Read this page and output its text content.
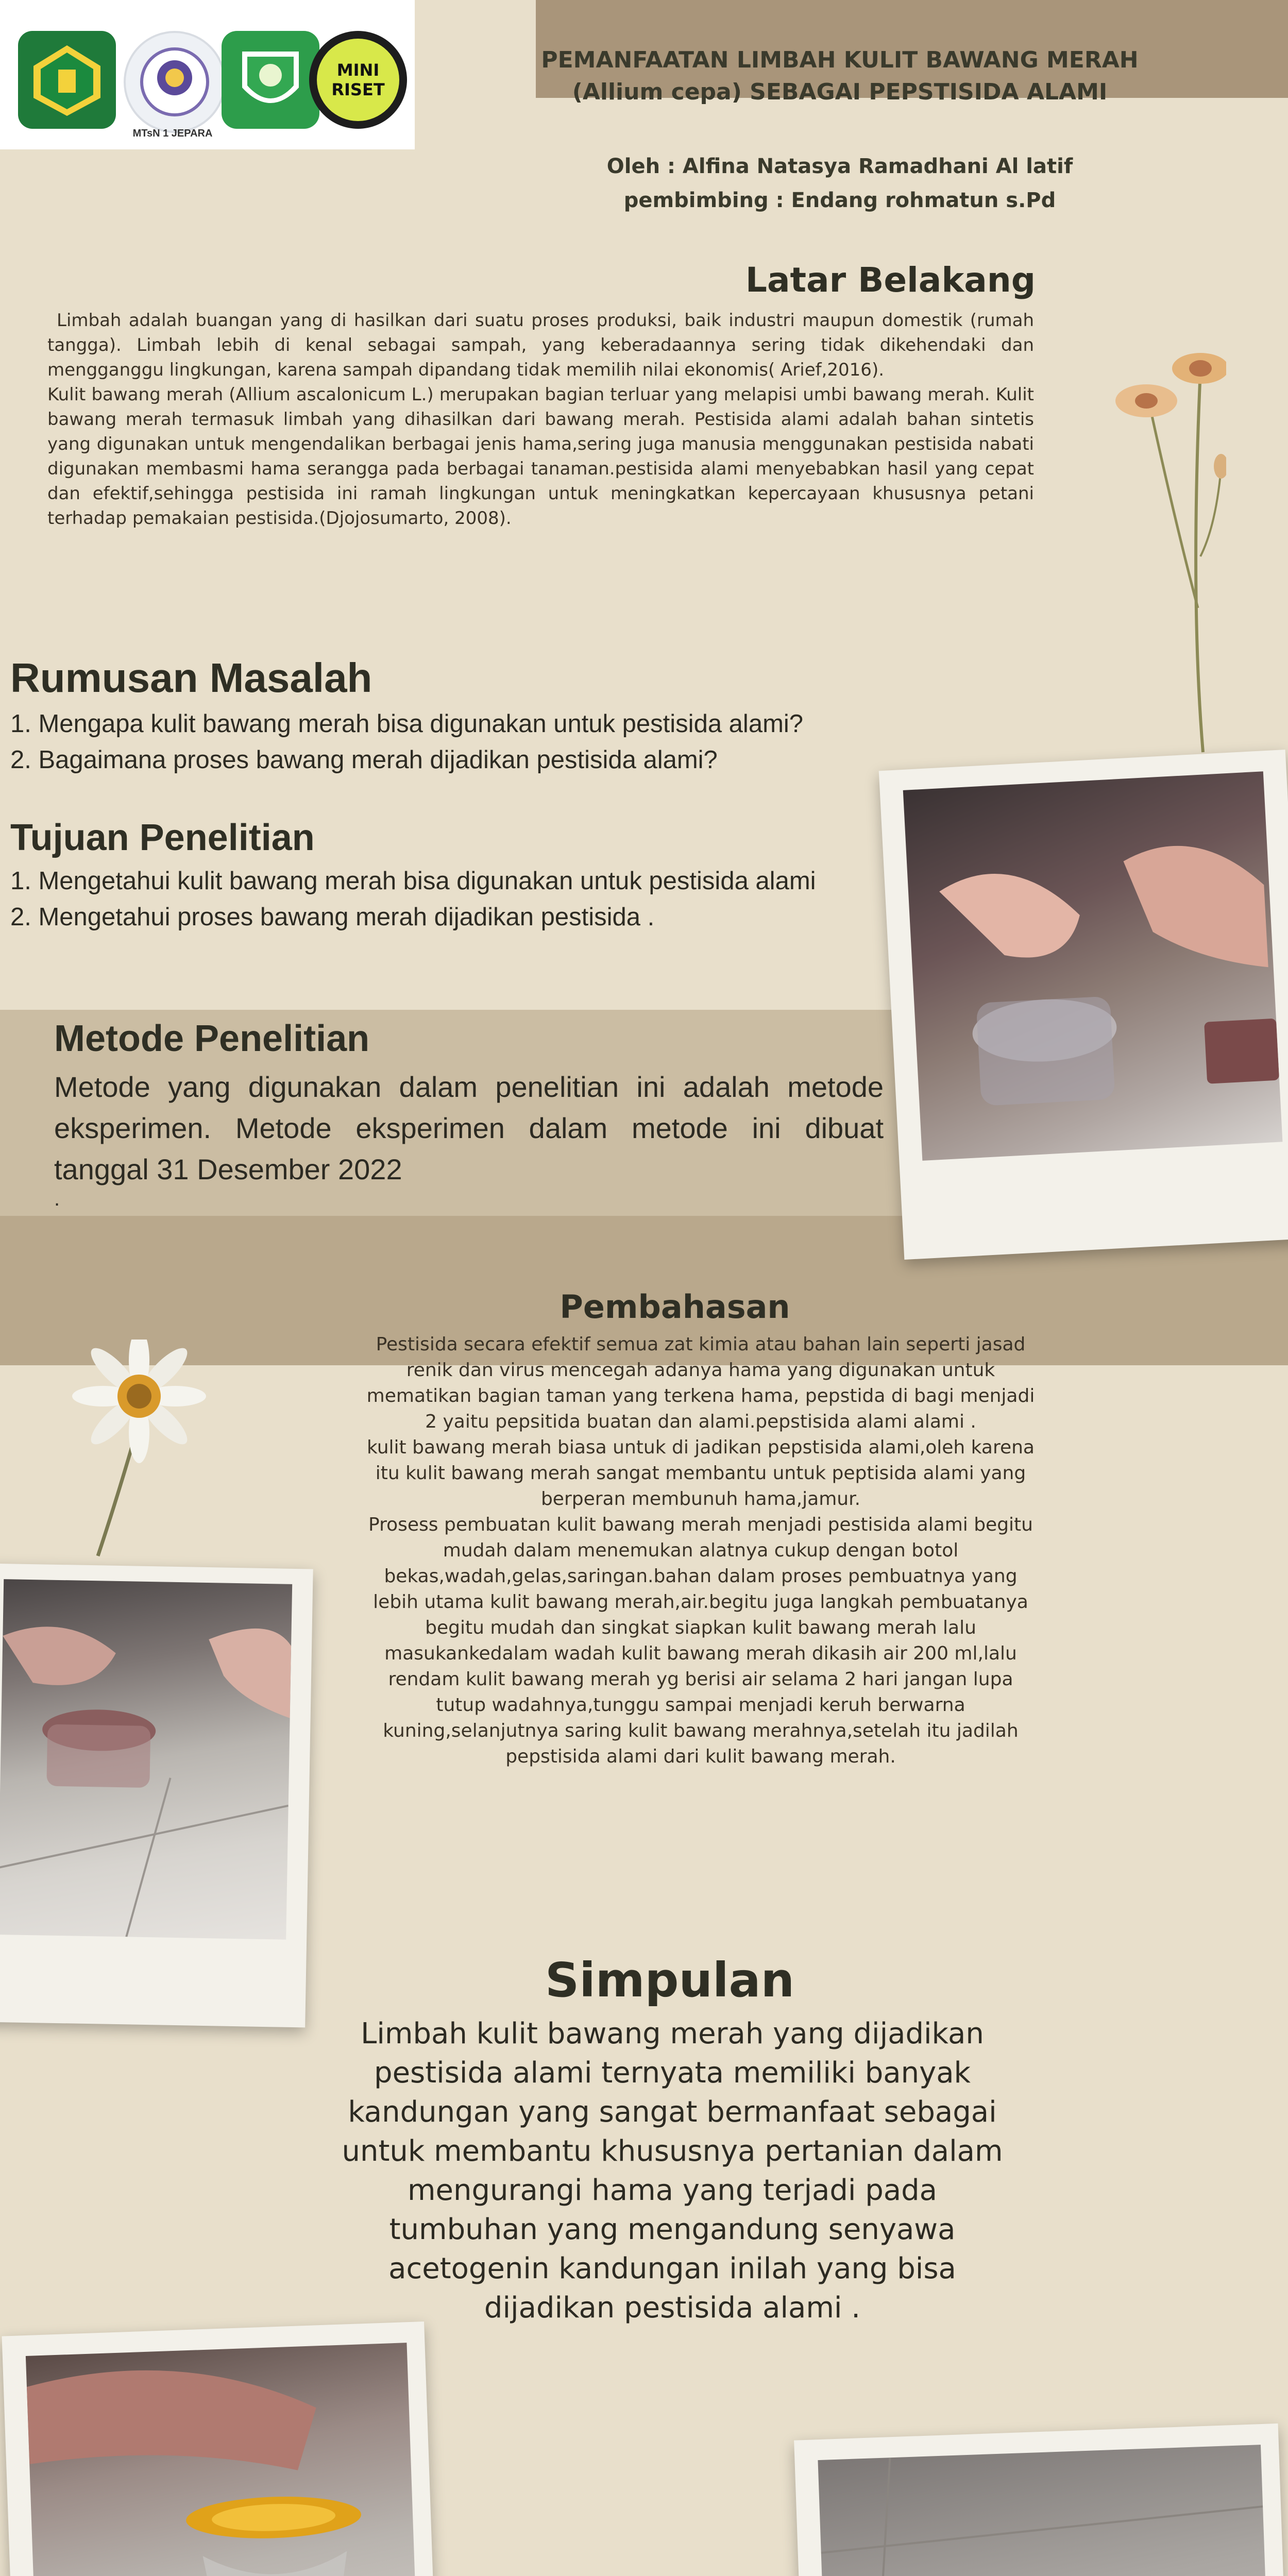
MTsN 1 JEPARA
MINI
RISET
PEMANFAATAN LIMBAH KULIT BAWANG MERAH
(Allium cepa) SEBAGAI PEPSTISIDA ALAMI
Oleh : Alfina Natasya Ramadhani Al latif
pembimbing : Endang rohmatun s.Pd
Latar Belakang
Limbah adalah buangan yang di hasilkan dari suatu proses produksi, baik industri maupun domestik (rumah tangga). Limbah lebih di kenal sebagai sampah, yang keberadaannya sering tidak dikehendaki dan mengganggu lingkungan, karena sampah dipandang tidak memilih nilai ekonomis( Arief,2016).
Kulit bawang merah (Allium ascalonicum L.) merupakan bagian terluar yang melapisi umbi bawang merah. Kulit bawang merah termasuk limbah yang dihasilkan dari bawang merah. Pestisida alami adalah bahan sintetis yang digunakan untuk mengendalikan berbagai jenis hama,sering juga manusia menggunakan pestisida nabati digunakan membasmi hama serangga pada berbagai tanaman.pestisida alami menyebabkan hasil yang cepat dan efektif,sehingga pestisida ini ramah lingkungan untuk meningkatkan kepercayaan khususnya petani terhadap pemakaian pestisida.(Djojosumarto, 2008).
Rumusan Masalah
1. Mengapa kulit bawang merah bisa digunakan untuk pestisida alami?
2. Bagaimana proses bawang merah dijadikan pestisida alami?
Tujuan Penelitian
1. Mengetahui kulit bawang merah bisa digunakan untuk pestisida alami
2. Mengetahui proses bawang merah dijadikan pestisida .
Metode Penelitian
Metode yang digunakan dalam penelitian ini adalah metode eksperimen. Metode eksperimen dalam metode ini dibuat tanggal 31 Desember 2022
.
Pembahasan
Pestisida secara efektif semua zat kimia atau bahan lain seperti jasad renik dan virus mencegah adanya hama yang digunakan untuk mematikan bagian taman yang terkena hama, pepstida di bagi menjadi 2 yaitu pepsitida buatan dan alami.pepstisida alami alami .
kulit bawang merah biasa untuk di jadikan pepstisida alami,oleh karena itu kulit bawang merah sangat membantu untuk peptisida alami yang berperan membunuh hama,jamur.
Prosess pembuatan kulit bawang merah menjadi pestisida alami begitu mudah dalam menemukan alatnya cukup dengan botol bekas,wadah,gelas,saringan.bahan dalam proses pembuatnya yang lebih utama kulit bawang merah,air.begitu juga langkah pembuatanya begitu mudah dan singkat siapkan kulit bawang merah lalu masukankedalam wadah kulit bawang merah dikasih air 200 ml,lalu rendam kulit bawang merah yg berisi air selama 2 hari jangan lupa tutup wadahnya,tunggu sampai menjadi keruh berwarna kuning,selanjutnya saring kulit bawang merahnya,setelah itu jadilah pepstisida alami dari kulit bawang merah.
Simpulan
Limbah kulit bawang merah yang dijadikan pestisida alami ternyata memiliki banyak kandungan yang sangat bermanfaat sebagai untuk membantu khususnya pertanian dalam mengurangi hama yang terjadi pada tumbuhan yang mengandung senyawa acetogenin kandungan inilah yang bisa dijadikan pestisida alami .
